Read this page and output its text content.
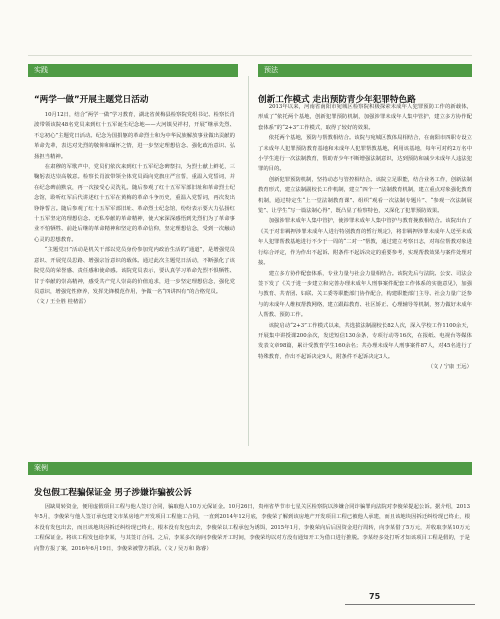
实践
“两学一做”开展主题党日活动

10月12日，结合“两学一做”学习教育，湖北省黄梅县检察院党组书记、检察长肖波带领该院48名党员来到红十五军诞生纪念地——大河镇吴祥村，开展“继承先烈、不忘初心”主题党日活动。纪念为国捐躯的革命烈士和为中华民族解放事业做出贡献的革命先辈，表达对先烈的敬仰和缅怀之情，进一步坚定理想信念、强化政治意识、弘扬担当精神。

在肃穆的军歌声中，党员们依次来到红十五军纪念碑祭扫，为烈士献上鲜花，三鞠躬表达崇高敬意。检察长肖波带领全体党员面向党旗庄严宣誓，重温入党誓词，并在纪念碑前默哀，再一次接受心灵洗礼。随后参观了红十五军军部旧址和革命烈士纪念馆，聆听红军后代讲述红十五军在黄梅的革命斗争历史，重温入党誓词，再次发出铮铮誓言。随后参观了红十五军军部旧址、革命烈士纪念馆，纷纷表示要大力弘扬红十五军坚定的理想信念、无私奉献的革命精神，使大家深深感悟到先烈们为了革命事业不怕牺牲、前赴后继的革命精神和坚定的革命信仰，坚定理想信念，受到一次触动心灵的思想教育。

“主题党日”活动是机关干部以党员身份参加党内政治生活的“通道”，是增强党员意识、开展党员思路、增强宗旨意识的载体。通过此次主题党日活动，不断强化了该院党员的荣誉感、责任感和使命感。该院党员表示，要认真学习革命先烈不惧牺牲、甘于奉献的崇高精神，感受共产党人崇高的价值追求，进一步坚定理想信念，强化党员意识，增强党性修养，发挥先锋模范作用，争做一名“四讲四有”的合格党员。

（文 / 王全胜 桂楮雷）

预法
创新工作模式 走出预防青少年犯罪特色路

2013年以来，河南省南阳市宛城区检察院积极探索未成年人犯罪预防工作的新载体，形成了“依托两个基地，创新犯罪预防机制，加强涉罪未成年人集中管护，建立多方协作配套体系”的“2+3”工作模式，取得了较好的效果。

依托两个基地，预防与帮教相结合。该院与宛城区教体局相结合，在南阳市四职专设立了未成年人犯罪预防教育基地和未成年人犯罪帮教基地，利用该基地，每年可对约2万名中小学生进行一次法制教育，帮助青少年不断增强法制意识，达到预防和减少未成年人违法犯罪的目的。

创新犯罪预防机制，坚持动态与管控相结合。该院立足职能，结合业务工作，创新法制教育形式，建立法制副校长工作机制，建立“四个一”法制教育机制，建立重点对象强化教育机制，通过特定生“上一堂法制教育课”、组织“观看一次法制专题片”、“参观一次法制展览”、让学生“写一篇法制心得”，既凸显了检察特色，又深化了犯罪预防效果。

加强涉罪未成年人集中管护，使涉罪未成年人集中管护与教育挽救相结合。该院出台了《关于对非羁押涉罪未成年人进行特别教育的暂行规定》，将非羁押涉罪未成年人送至未成年人犯罪帮教基地进行不少于一周的“二对一”帮教，通过建立考察日志，对每位帮教对象进行综合评定，作为作出不起诉、附条件不起诉决定的重要参考，实现帮教效果与案件处理对接。

建立多方协作配套体系，专业力量与社会力量相结合。该院先后与法院、公安、司法会签下发了《关于进一步建立和完善办理未成年人刑事案件配套工作体系的实施意见》，加强与教育、共青团、妇联、关工委等职能部门协作配合，构建职能部门主导、社会力量广泛参与的未成年人维权帮教网络，建立跟踪教育、社区矫正、心理辅导等机制，努力做好未成年人帮教、预防工作。

该院启动“2+3”工作模式以来，共选拔法制副校长82人次，深入学校工作1100余天，开展集中讲授课200余次，发送短信130余条，专项行动等16次，在报纸、电视台等媒体发表文章98篇，累计受教育学生160余名；共办理未成年人刑事案件87人，对45名进行了特殊教育，作出不起诉决定9人，附条件不起诉决定3人。

（文 / 宁康 王远）

案例
发包假工程骗保证金 男子涉嫌诈骗被公诉

因缺周转资金，便用虚假项目工程与他人签订合同，骗取他人10万元保证金。10月26日，贵州省毕节市七星关区检察院以涉嫌合同诈骗罪向法院对李俊荣提起公诉。据介绍，2013年5月，李俊荣与他人签订承包建文市某房地产开发项目工程施工合同，一直到2014年12月底，李俊荣了解到该房地产开发项目工程已被他人承建，而且该地块因拆迁纠纷现已终止，根本没有发包出去，而且该地块因拆迁纠纷现已终止，根本没有发包出去，李俊荣以工程承包为诱饵，2015年1月，李俊荣向后后因资金进行周转，向李某借了5万元，并收取李某10万元工程保证金。将该工程发包给李某，与其签订合同。之后，李某多次询问李俊荣开工时间，李俊荣均以对方没有通知开工为借口进行推脱。李某经多处打听才知该项目工程是假的，于是向警方报了案，2016年6月19日，李俊荣被警方抓获。（文 / 吴万和 陈睿）

75
